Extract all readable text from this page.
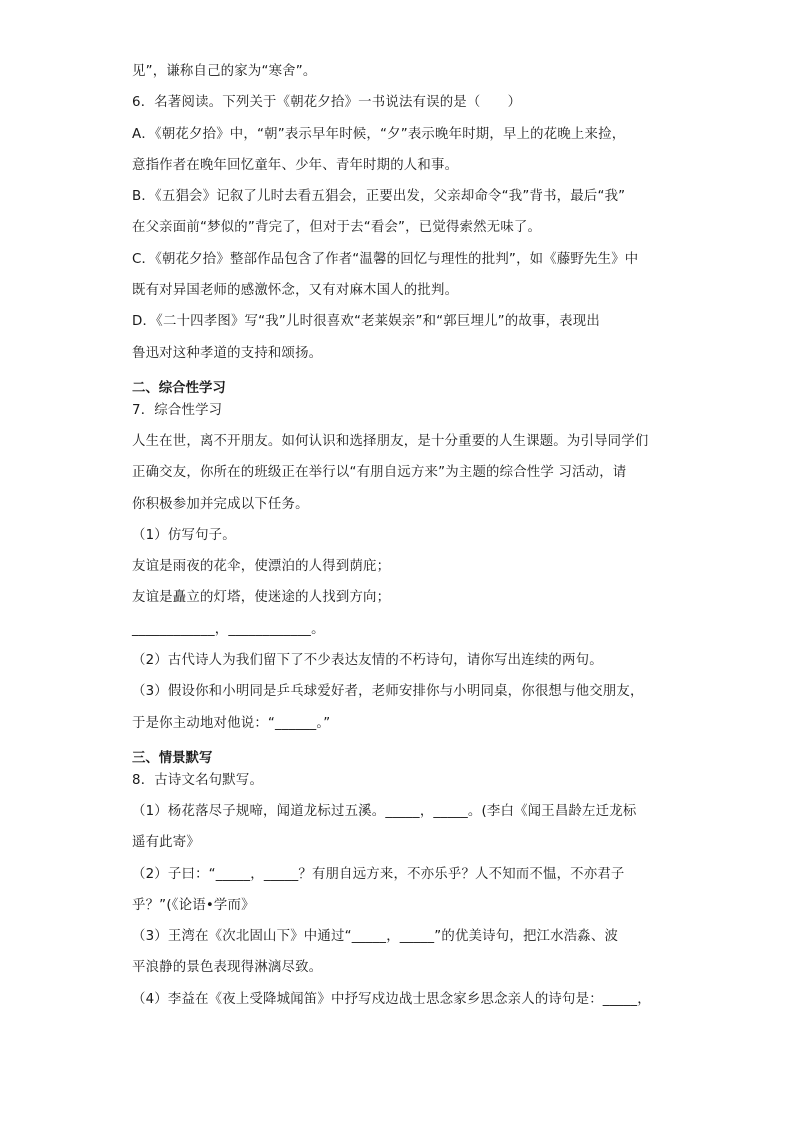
见”，谦称自己的家为“寒舍”。
6．名著阅读。下列关于《朝花夕拾》一书说法有误的是（　　）
A．《朝花夕拾》中，“朝”表示早年时候，“夕”表示晚年时期，早上的花晚上来捡，
意指作者在晚年回忆童年、少年、青年时期的人和事。
B．《五猖会》记叙了儿时去看五猖会，正要出发，父亲却命令“我”背书，最后“我”
在父亲面前“梦似的”背完了，但对于去“看会”，已觉得索然无味了。
C．《朝花夕拾》整部作品包含了作者“温馨的回忆与理性的批判”，如《藤野先生》中
既有对异国老师的感激怀念，又有对麻木国人的批判。
D．《二十四孝图》写“我”儿时很喜欢“老莱娱亲”和“郭巨埋儿”的故事，表现出
鲁迅对这种孝道的支持和颂扬。
二、综合性学习
7．综合性学习
人生在世，离不开朋友。如何认识和选择朋友，是十分重要的人生课题。为引导同学们
正确交友，你所在的班级正在举行以“有朋自远方来”为主题的综合性学 习活动，请
你积极参加并完成以下任务。
（1）仿写句子。
友谊是雨夜的花伞，使漂泊的人得到荫庇；
友谊是矗立的灯塔，使迷途的人找到方向；
____________，____________。
（2）古代诗人为我们留下了不少表达友情的不朽诗句，请你写出连续的两句。
（3）假设你和小明同是乒乓球爱好者，老师安排你与小明同桌，你很想与他交朋友，
于是你主动地对他说：“______。”
三、情景默写
8．古诗文名句默写。
（1）杨花落尽子规啼，闻道龙标过五溪。_____，_____。(李白《闻王昌龄左迁龙标
遥有此寄》
（2）子曰：“_____，_____？有朋自远方来，不亦乐乎？人不知而不愠，不亦君子
乎？”(《论语•学而》
（3）王湾在《次北固山下》中通过“_____，_____”的优美诗句，把江水浩淼、波
平浪静的景色表现得淋漓尽致。
（4）李益在《夜上受降城闻笛》中抒写戍边战士思念家乡思念亲人的诗句是：_____，
